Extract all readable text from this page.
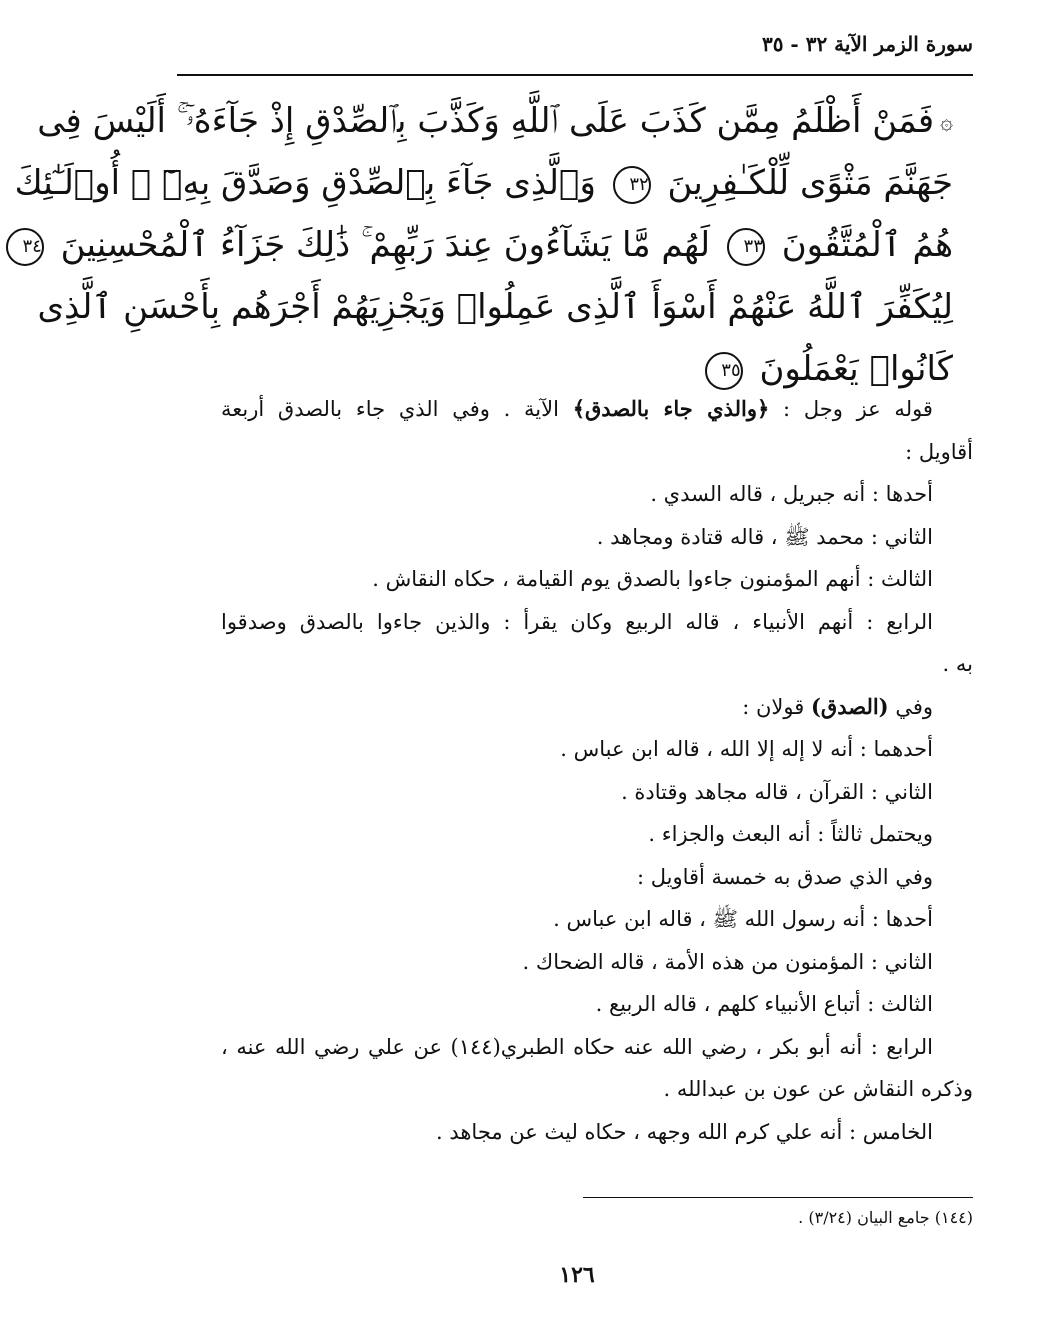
سورة الزمر الآية ٣٢ - ٣٥
۞فَمَنْ أَظْلَمُ مِمَّن كَذَبَ عَلَى ٱللَّهِ وَكَذَّبَ بِٱلصِّدْقِ إِذْ جَآءَهُۥٓ ۚ أَلَيْسَ فِى
جَهَنَّمَ مَثْوًى لِّلْكَـٰفِرِينَ ٣٢ وَٱلَّذِى جَآءَ بِٱلصِّدْقِ وَصَدَّقَ بِهِۦٓ ۙ أُو۟لَـٰٓئِكَ
هُمُ ٱلْمُتَّقُونَ ٣٣ لَهُم مَّا يَشَآءُونَ عِندَ رَبِّهِمْ ۚ ذَٰلِكَ جَزَآءُ ٱلْمُحْسِنِينَ ٣٤
لِيُكَفِّرَ ٱللَّهُ عَنْهُمْ أَسْوَأَ ٱلَّذِى عَمِلُوا۟ وَيَجْزِيَهُمْ أَجْرَهُم بِأَحْسَنِ ٱلَّذِى
كَانُوا۟ يَعْمَلُونَ ٣٥
قوله عز وجل : ﴿والذي جاء بالصدق﴾ الآية . وفي الذي جاء بالصدق أربعة
أقاويل :
أحدها : أنه جبريل ، قاله السدي .
الثاني : محمد ﷺ ، قاله قتادة ومجاهد .
الثالث : أنهم المؤمنون جاءوا بالصدق يوم القيامة ، حكاه النقاش .
الرابع : أنهم الأنبياء ، قاله الربيع وكان يقرأ : والذين جاءوا بالصدق وصدقوا
به .
وفي (الصدق) قولان :
أحدهما : أنه لا إله إلا الله ، قاله ابن عباس .
الثاني : القرآن ، قاله مجاهد وقتادة .
ويحتمل ثالثاً : أنه البعث والجزاء .
وفي الذي صدق به خمسة أقاويل :
أحدها : أنه رسول الله ﷺ ، قاله ابن عباس .
الثاني : المؤمنون من هذه الأمة ، قاله الضحاك .
الثالث : أتباع الأنبياء كلهم ، قاله الربيع .
الرابع : أنه أبو بكر ، رضي الله عنه حكاه الطبري(١٤٤) عن علي رضي الله عنه ،
وذكره النقاش عن عون بن عبدالله .
الخامس : أنه علي كرم الله وجهه ، حكاه ليث عن مجاهد .
(١٤٤) جامع البيان (٣/٢٤) .
١٢٦
